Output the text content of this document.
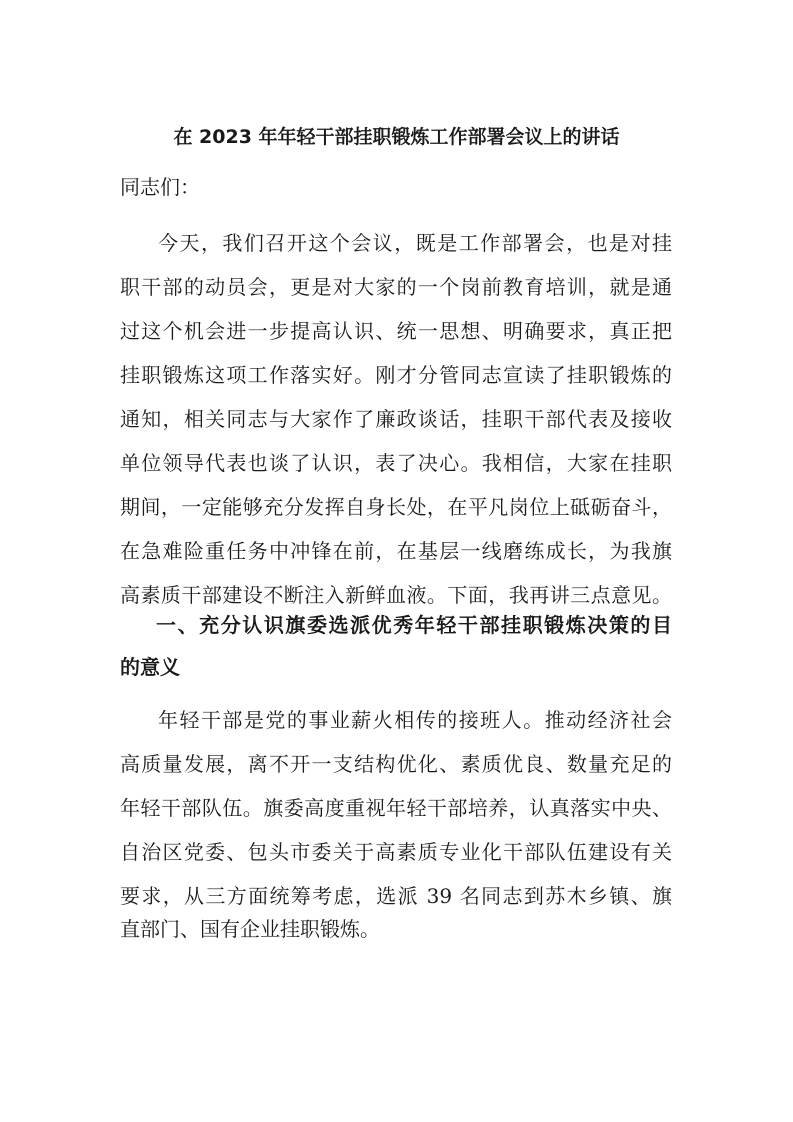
在 2023 年年轻干部挂职锻炼工作部署会议上的讲话
同志们：
今天，我们召开这个会议，既是工作部署会，也是对挂
职干部的动员会，更是对大家的一个岗前教育培训，就是通
过这个机会进一步提高认识、统一思想、明确要求，真正把
挂职锻炼这项工作落实好。刚才分管同志宣读了挂职锻炼的
通知，相关同志与大家作了廉政谈话，挂职干部代表及接收
单位领导代表也谈了认识，表了决心。我相信，大家在挂职
期间，一定能够充分发挥自身长处，在平凡岗位上砥砺奋斗，
在急难险重任务中冲锋在前，在基层一线磨练成长，为我旗
高素质干部建设不断注入新鲜血液。下面，我再讲三点意见。
一、充分认识旗委选派优秀年轻干部挂职锻炼决策的目
的意义
年轻干部是党的事业薪火相传的接班人。推动经济社会
高质量发展，离不开一支结构优化、素质优良、数量充足的
年轻干部队伍。旗委高度重视年轻干部培养，认真落实中央、
自治区党委、包头市委关于高素质专业化干部队伍建设有关
要求，从三方面统筹考虑，选派 39 名同志到苏木乡镇、旗
直部门、国有企业挂职锻炼。
